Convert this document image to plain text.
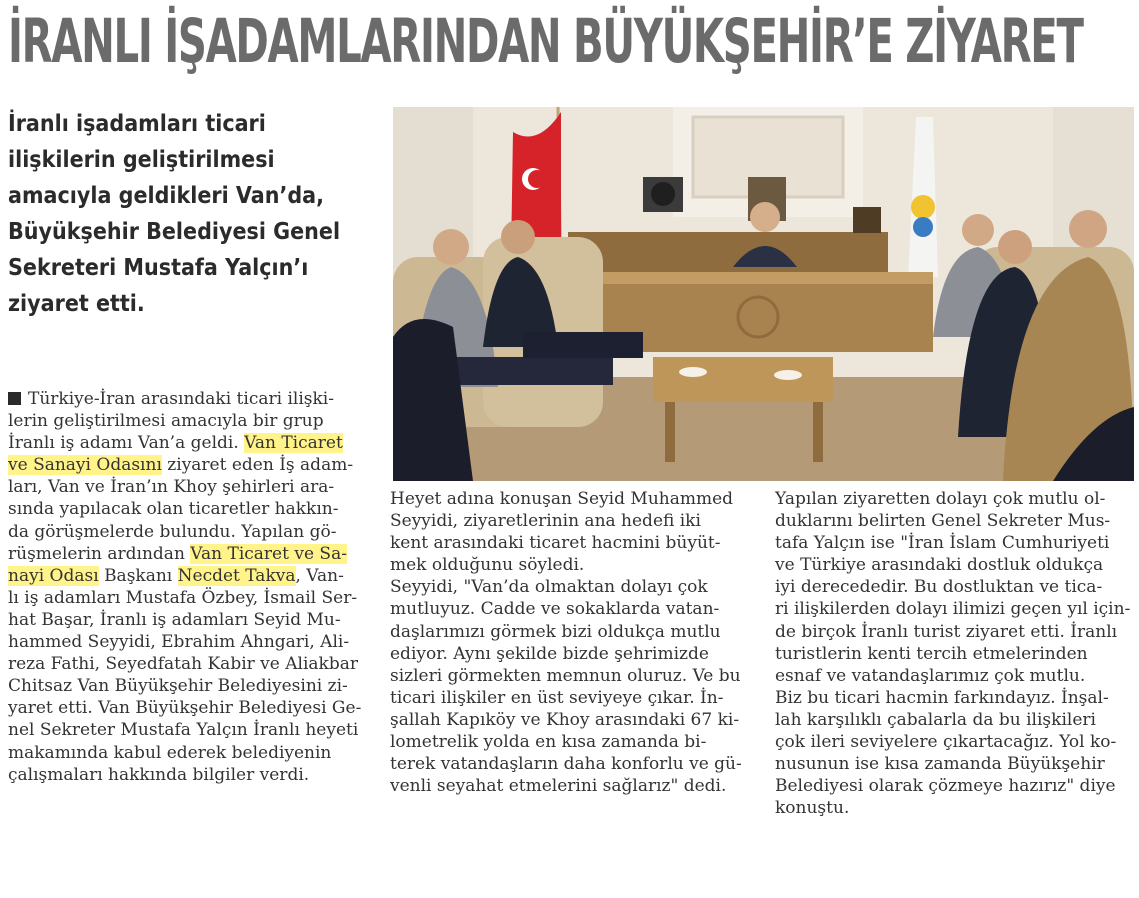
İRANLI İŞADAMLARINDAN BÜYÜKŞEHİR’E ZİYARET
İranlı işadamları ticari
ilişkilerin geliştirilmesi
amacıyla geldikleri Van’da,
Büyükşehir Belediyesi Genel
Sekreteri Mustafa Yalçın’ı
ziyaret etti.
Türkiye-İran arasındaki ticari ilişki-
lerin geliştirilmesi amacıyla bir grup
İranlı iş adamı Van’a geldi. Van Ticaret
ve Sanayi Odasını ziyaret eden İş adam-
ları, Van ve İran’ın Khoy şehirleri ara-
sında yapılacak olan ticaretler hakkın-
da görüşmelerde bulundu. Yapılan gö-
rüşmelerin ardından Van Ticaret ve Sa-
nayi Odası Başkanı Necdet Takva, Van-
lı iş adamları Mustafa Özbey, İsmail Ser-
hat Başar, İranlı iş adamları Seyid Mu-
hammed Seyyidi, Ebrahim Ahngari, Ali-
reza Fathi, Seyedfatah Kabir ve Aliakbar
Chitsaz Van Büyükşehir Belediyesini zi-
yaret etti. Van Büyükşehir Belediyesi Ge-
nel Sekreter Mustafa Yalçın İranlı heyeti
makamında kabul ederek belediyenin
çalışmaları hakkında bilgiler verdi.
Heyet adına konuşan Seyid Muhammed
Seyyidi, ziyaretlerinin ana hedefi iki
kent arasındaki ticaret hacmini büyüt-
mek olduğunu söyledi.
Seyyidi, "Van’da olmaktan dolayı çok
mutluyuz. Cadde ve sokaklarda vatan-
daşlarımızı görmek bizi oldukça mutlu
ediyor. Aynı şekilde bizde şehrimizde
sizleri görmekten memnun oluruz. Ve bu
ticari ilişkiler en üst seviyeye çıkar. İn-
şallah Kapıköy ve Khoy arasındaki 67 ki-
lometrelik yolda en kısa zamanda bi-
terek vatandaşların daha konforlu ve gü-
venli seyahat etmelerini sağlarız" dedi.
Yapılan ziyaretten dolayı çok mutlu ol-
duklarını belirten Genel Sekreter Mus-
tafa Yalçın ise "İran İslam Cumhuriyeti
ve Türkiye arasındaki dostluk oldukça
iyi derecededir. Bu dostluktan ve tica-
ri ilişkilerden dolayı ilimizi geçen yıl için-
de birçok İranlı turist ziyaret etti. İranlı
turistlerin kenti tercih etmelerinden
esnaf ve vatandaşlarımız çok mutlu.
Biz bu ticari hacmin farkındayız. İnşal-
lah karşılıklı çabalarla da bu ilişkileri
çok ileri seviyelere çıkartacağız. Yol ko-
nusunun ise kısa zamanda Büyükşehir
Belediyesi olarak çözmeye hazırız" diye
konuştu.
